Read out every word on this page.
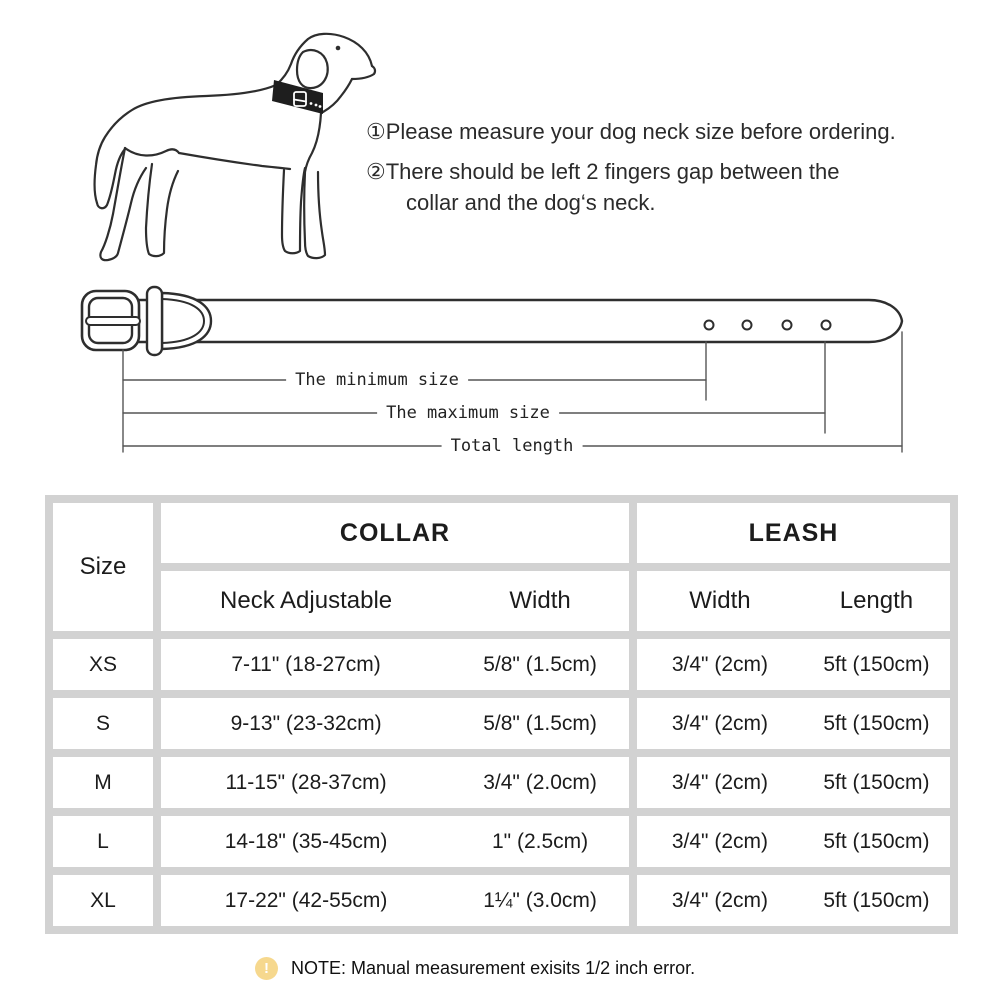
①Please measure your dog neck size before ordering.
②There should be left 2 fingers gap between the
collar and the dog‘s neck.
The minimum size
The maximum size
Total length
Size	COLLAR	LEASH

	Neck Adjustable Width	Width Length

XS	7-11" (18-27cm) 5/8" (1.5cm)	3/4" (2cm) 5ft (150cm)

S	9-13" (23-32cm) 5/8" (1.5cm)	3/4" (2cm) 5ft (150cm)

M	11-15" (28-37cm) 3/4" (2.0cm)	3/4" (2cm) 5ft (150cm)

L	14-18" (35-45cm) 1" (2.5cm)	3/4" (2cm) 5ft (150cm)

XL	17-22" (42-55cm) 1¼" (3.0cm)	3/4" (2cm) 5ft (150cm)
!	NOTE: Manual measurement exisits 1/2 inch error.
